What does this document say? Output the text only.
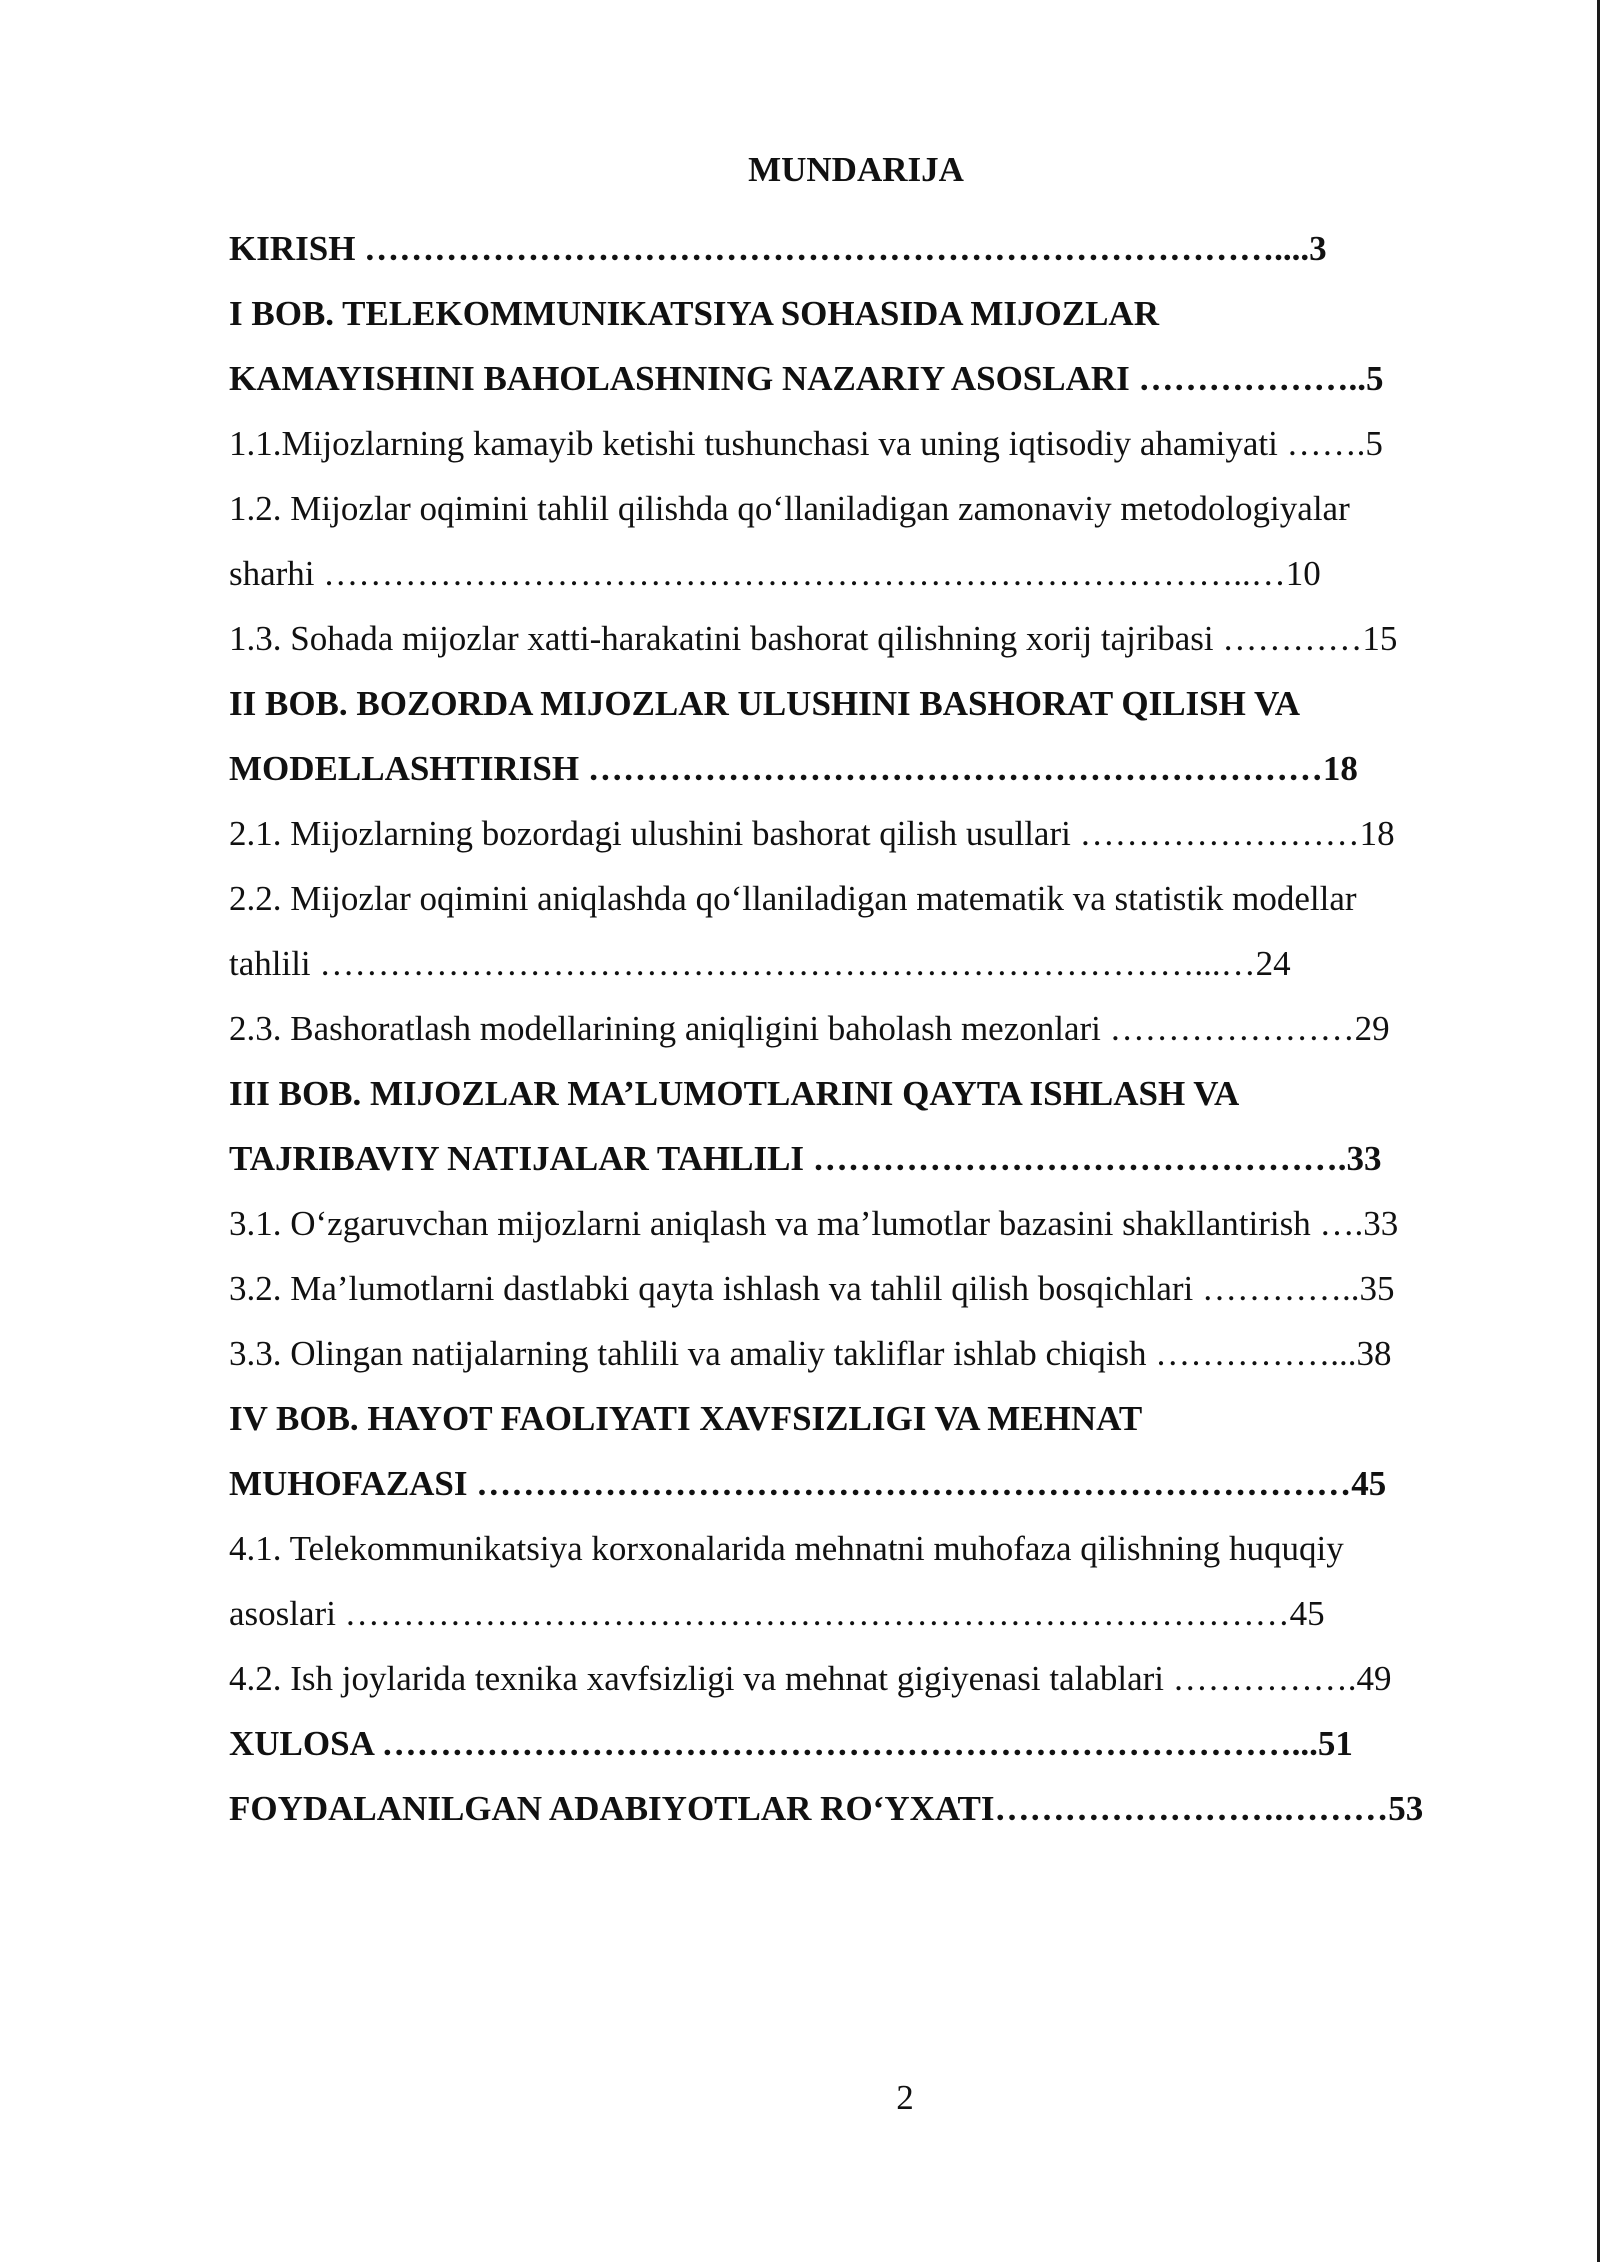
MUNDARIJA
KIRISH ……………………………………………………………………....3
I BOB. TELEKOMMUNIKATSIYA SOHASIDA MIJOZLAR
KAMAYISHINI BAHOLASHNING NAZARIY ASOSLARI ………………..5
1.1.Mijozlarning kamayib ketishi tushunchasi va uning iqtisodiy ahamiyati …….5
1.2. Mijozlar oqimini tahlil qilishda qo‘llaniladigan zamonaviy metodologiyalar
sharhi ……………………………………………………………………..…10
1.3. Sohada mijozlar xatti-harakatini bashorat qilishning xorij tajribasi …………15
II BOB. BOZORDA MIJOZLAR ULUSHINI BASHORAT QILISH VA
MODELLASHTIRISH ………………………………………………………18
2.1. Mijozlarning bozordagi ulushini bashorat qilish usullari ……………………18
2.2. Mijozlar oqimini aniqlashda qo‘llaniladigan matematik va statistik modellar
tahlili …………………………………………………………………...…24
2.3. Bashoratlash modellarining aniqligini baholash mezonlari …………………29
III BOB. MIJOZLAR MA’LUMOTLARINI QAYTA ISHLASH VA
TAJRIBAVIY NATIJALAR TAHLILI ……………………………………….33
3.1. O‘zgaruvchan mijozlarni aniqlash va ma’lumotlar bazasini shakllantirish ….33
3.2. Ma’lumotlarni dastlabki qayta ishlash va tahlil qilish bosqichlari …………..35
3.3. Olingan natijalarning tahlili va amaliy takliflar ishlab chiqish ……………...38
IV BOB. HAYOT FAOLIYATI XAVFSIZLIGI VA MEHNAT
MUHOFAZASI …………………………………………………………………45
4.1. Telekommunikatsiya korxonalarida mehnatni muhofaza qilishning huquqiy
asoslari ………………………………………………………………………45
4.2. Ish joylarida texnika xavfsizligi va mehnat gigiyenasi talablari …………….49
XULOSA ……………………………………………………………………...51
FOYDALANILGAN ADABIYOTLAR RO‘YXATI…………………….………53
2
